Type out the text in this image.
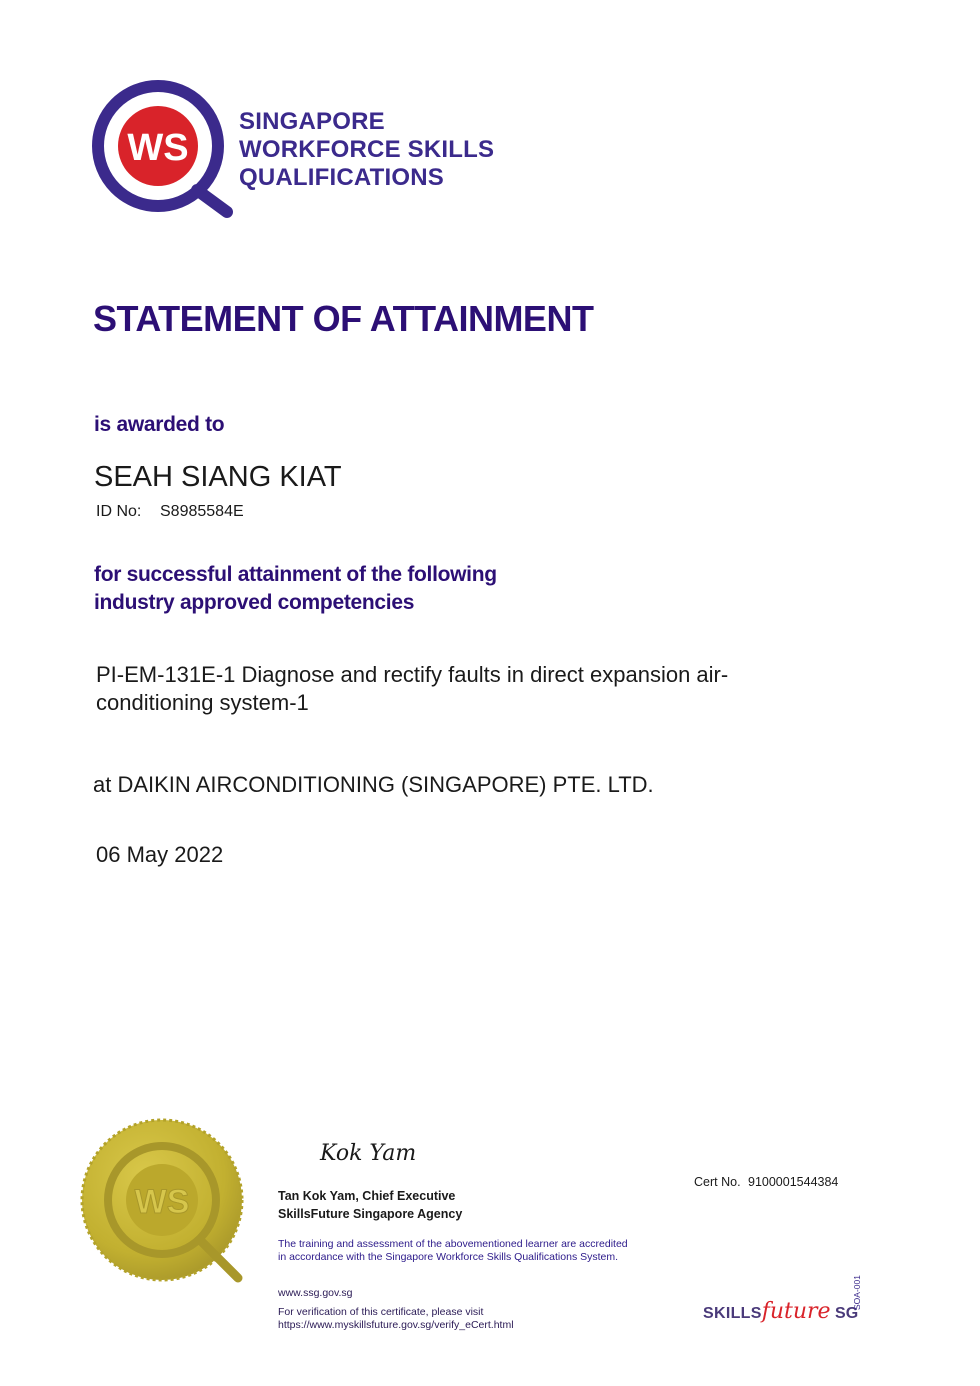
WS
SINGAPORE
WORKFORCE SKILLS
QUALIFICATIONS
STATEMENT OF ATTAINMENT
is awarded to
SEAH SIANG KIAT
ID No: S8985584E
for successful attainment of the following
industry approved competencies
PI-EM-131E-1 Diagnose and rectify faults in direct expansion air-
conditioning system-1
at DAIKIN AIRCONDITIONING (SINGAPORE) PTE. LTD.
06 May 2022
WS
Kok Yam
Tan Kok Yam, Chief Executive
SkillsFuture Singapore Agency
The training and assessment of the abovementioned learner are accredited
in accordance with the Singapore Workforce Skills Qualifications System.
www.ssg.gov.sg
For verification of this certificate, please visit
https://www.myskillsfuture.gov.sg/verify_eCert.html
Cert No. 9100001544384
SKILLSfuture SG
SOA-001
